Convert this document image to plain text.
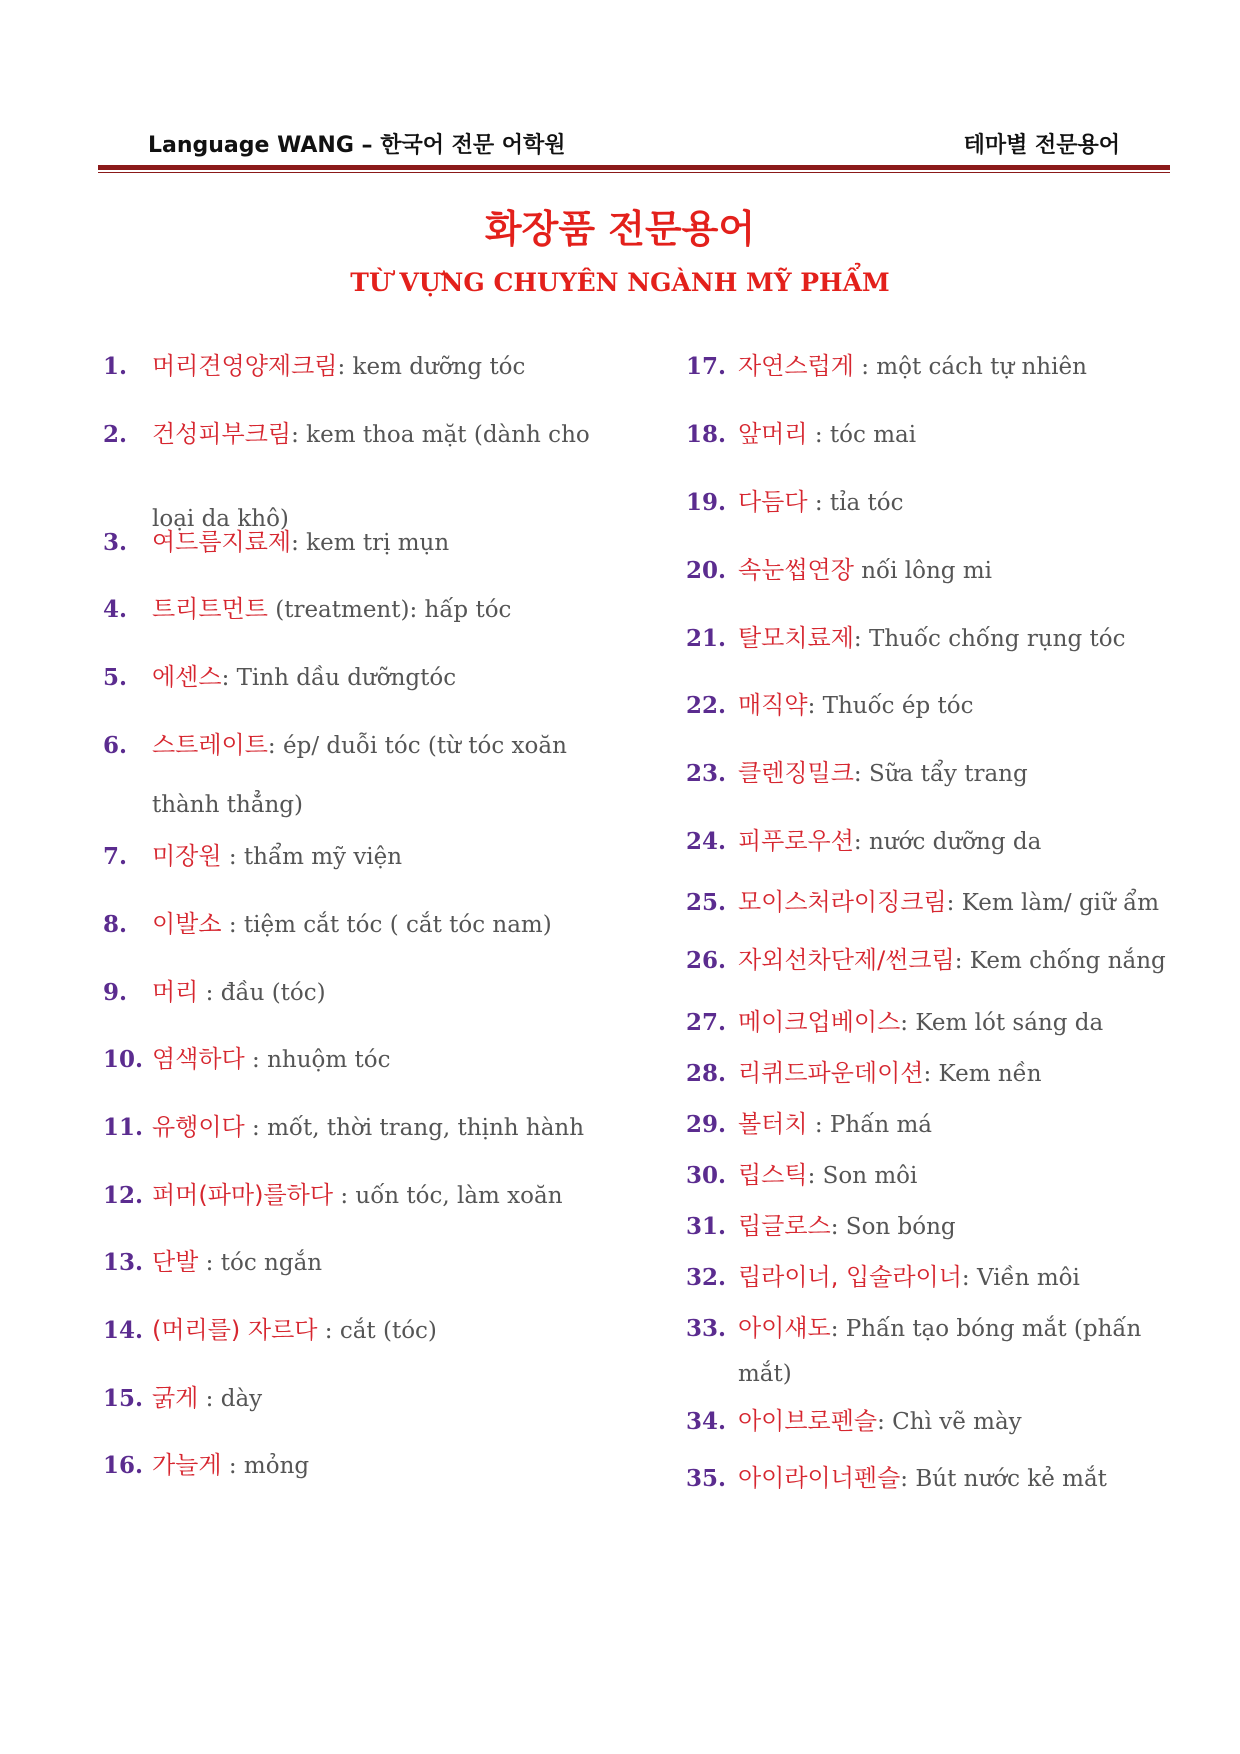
Language WANG – 한국어 전문 어학원	테마별 전문용어
화장품 전문용어
TỪ VỰNG CHUYÊN NGÀNH MỸ PHẨM
1. 머리견영양제크림: kem dưỡng tóc
2. 건성피부크림: kem thoa mặt (dành cho
loại da khô)
3. 여드름지료제: kem trị mụn
4. 트리트먼트 (treatment): hấp tóc
5. 에센스: Tinh dầu dưỡngtóc
6. 스트레이트: ép/ duỗi tóc (từ tóc xoăn
thành thẳng)
7. 미장원 : thẩm mỹ viện
8. 이발소 : tiệm cắt tóc ( cắt tóc nam)
9. 머리 : đầu (tóc)
10. 염색하다 : nhuộm tóc
11. 유행이다 : mốt, thời trang, thịnh hành
12. 퍼머(파마)를하다 : uốn tóc, làm xoăn
13. 단발 : tóc ngắn
14. (머리를) 자르다 : cắt (tóc)
15. 굵게 : dày
16. 가늘게 : mỏng
17. 자연스럽게 : một cách tự nhiên
18. 앞머리 : tóc mai
19. 다듬다 : tỉa tóc
20. 속눈썹연장 nối lông mi
21. 탈모치료제: Thuốc chống rụng tóc
22. 매직약: Thuốc ép tóc
23. 클렌징밀크: Sữa tẩy trang
24. 피푸로우션: nước dưỡng da
25. 모이스처라이징크림: Kem làm/ giữ ẩm
26. 자외선차단제/썬크림: Kem chống nắng
27. 메이크업베이스: Kem lót sáng da
28. 리퀴드파운데이션: Kem nền
29. 볼터치 : Phấn má
30. 립스틱: Son môi
31. 립글로스: Son bóng
32. 립라이너, 입술라이너: Viền môi
33. 아이섀도: Phấn tạo bóng mắt (phấn
mắt)
34. 아이브로펜슬: Chì vẽ mày
35. 아이라이너펜슬: Bút nước kẻ mắt
